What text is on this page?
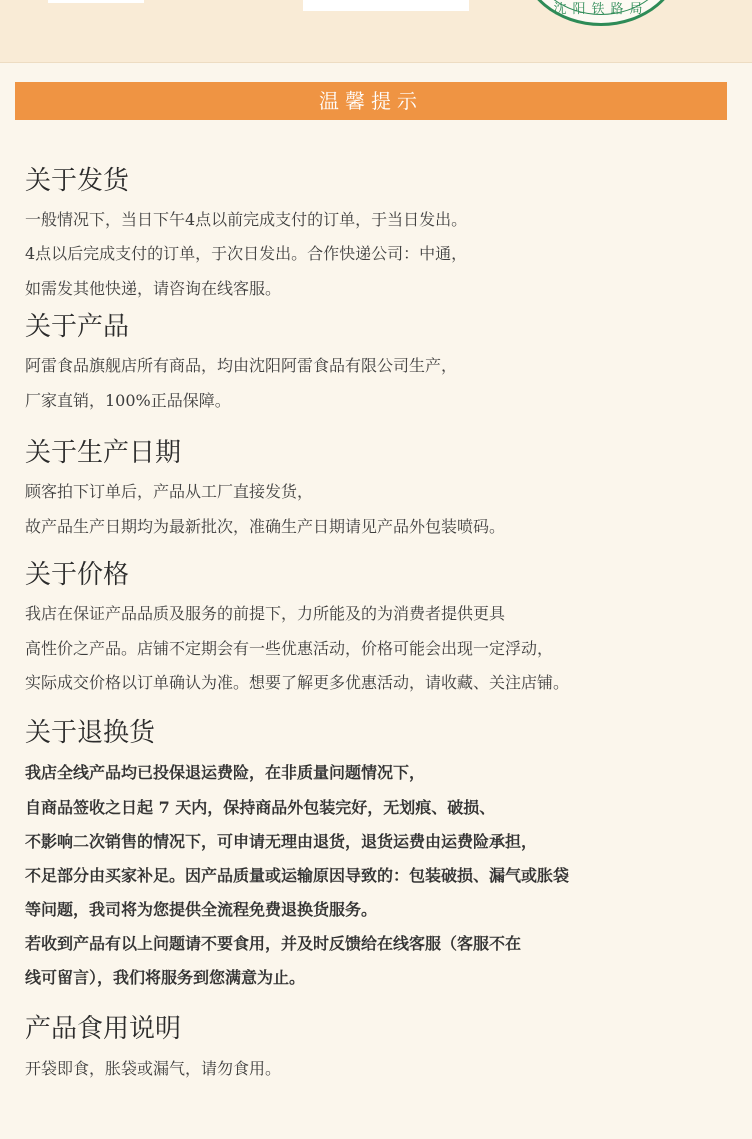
沈阳铁路局
温馨提示
关于发货

一般情况下，当日下午4点以前完成支付的订单，于当日发出。

4点以后完成支付的订单，于次日发出。合作快递公司：中通，

如需发其他快递，请咨询在线客服。

关于产品

阿雷食品旗舰店所有商品，均由沈阳阿雷食品有限公司生产，

厂家直销，100%正品保障。

关于生产日期

顾客拍下订单后，产品从工厂直接发货，

故产品生产日期均为最新批次，准确生产日期请见产品外包装喷码。

关于价格

我店在保证产品品质及服务的前提下，力所能及的为消费者提供更具

高性价之产品。店铺不定期会有一些优惠活动，价格可能会出现一定浮动，

实际成交价格以订单确认为准。想要了解更多优惠活动，请收藏、关注店铺。

关于退换货

我店全线产品均已投保退运费险，在非质量问题情况下，

自商品签收之日起 7 天内，保持商品外包装完好，无划痕、破损、

不影响二次销售的情况下，可申请无理由退货，退货运费由运费险承担，

不足部分由买家补足。因产品质量或运输原因导致的：包装破损、漏气或胀袋

等问题，我司将为您提供全流程免费退换货服务。

若收到产品有以上问题请不要食用，并及时反馈给在线客服（客服不在

线可留言），我们将服务到您满意为止。

产品食用说明

开袋即食，胀袋或漏气，请勿食用。
